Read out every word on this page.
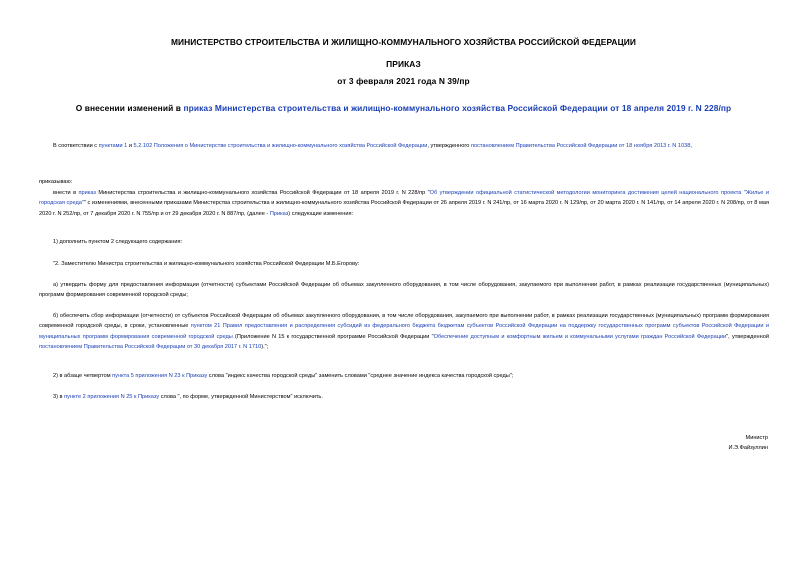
МИНИСТЕРСТВО СТРОИТЕЛЬСТВА И ЖИЛИЩНО-КОММУНАЛЬНОГО ХОЗЯЙСТВА РОССИЙСКОЙ ФЕДЕРАЦИИ
ПРИКАЗ
от 3 февраля 2021 года N 39/пр
О внесении изменений в приказ Министерства строительства и жилищно-коммунального хозяйства Российской Федерации от 18 апреля 2019 г. N 228/пр
В соответствии с пунктами 1 и 5.2.102 Положения о Министерстве строительства и жилищно-коммунального хозяйства Российской Федерации, утвержденного постановлением Правительства Российской Федерации от 18 ноября 2013 г. N 1038,
приказываю:
внести в приказ Министерства строительства и жилищно-коммунального хозяйства Российской Федерации от 18 апреля 2019 г. N 228/пр "Об утверждении официальной статистической методологии мониторинга достижения целей национального проекта "Жилье и городская среда"" с изменениями, внесенными приказами Министерства строительства и жилищно-коммунального хозяйства Российской Федерации от 26 апреля 2019 г. N 241/пр, от 16 марта 2020 г. N 129/пр, от 20 марта 2020 г. N 141/пр, от 14 апреля 2020 г. N 208/пр, от 8 мая 2020 г. N 252/пр, от 7 декабря 2020 г. N 755/пр и от 29 декабря 2020 г. N 887/пр, (далее - Приказ) следующие изменения:
1) дополнить пунктом 2 следующего содержания:
"2. Заместителю Министра строительства и жилищно-коммунального хозяйства Российской Федерации М.Б.Егорову:
а) утвердить форму для предоставления информации (отчетности) субъектами Российской Федерации об объемах закупленного оборудования, в том числе оборудования, закупаемого при выполнении работ, в рамках реализации государственных (муниципальных) программ формирования современной городской среды;
б) обеспечить сбор информации (отчетности) от субъектов Российской Федерации об объемах закупленного оборудования, в том числе оборудования, закупаемого при выполнении работ, в рамках реализации государственных (муниципальных) программ формирования современной городской среды, в сроки, установленные пунктом 21 Правил предоставления и распределения субсидий из федерального бюджета бюджетам субъектов Российской Федерации на поддержку государственных программ субъектов Российской Федерации и муниципальных программ формирования современной городской среды (Приложение N 15 к государственной программе Российской Федерации "Обеспечение доступным и комфортным жильем и коммунальными услугами граждан Российской Федерации", утвержденной постановлением Правительства Российской Федерации от 30 декабря 2017 г. N 1710).";
2) в абзаце четвертом пункта 5 приложения N 23 к Приказу слова "индекс качества городской среды" заменить словами "среднее значение индекса качества городской среды";
3) в пункте 2 приложения N 25 к Приказу слова ", по форме, утвержденной Министерством" исключить.
Министр
И.Э.Файзуллин
